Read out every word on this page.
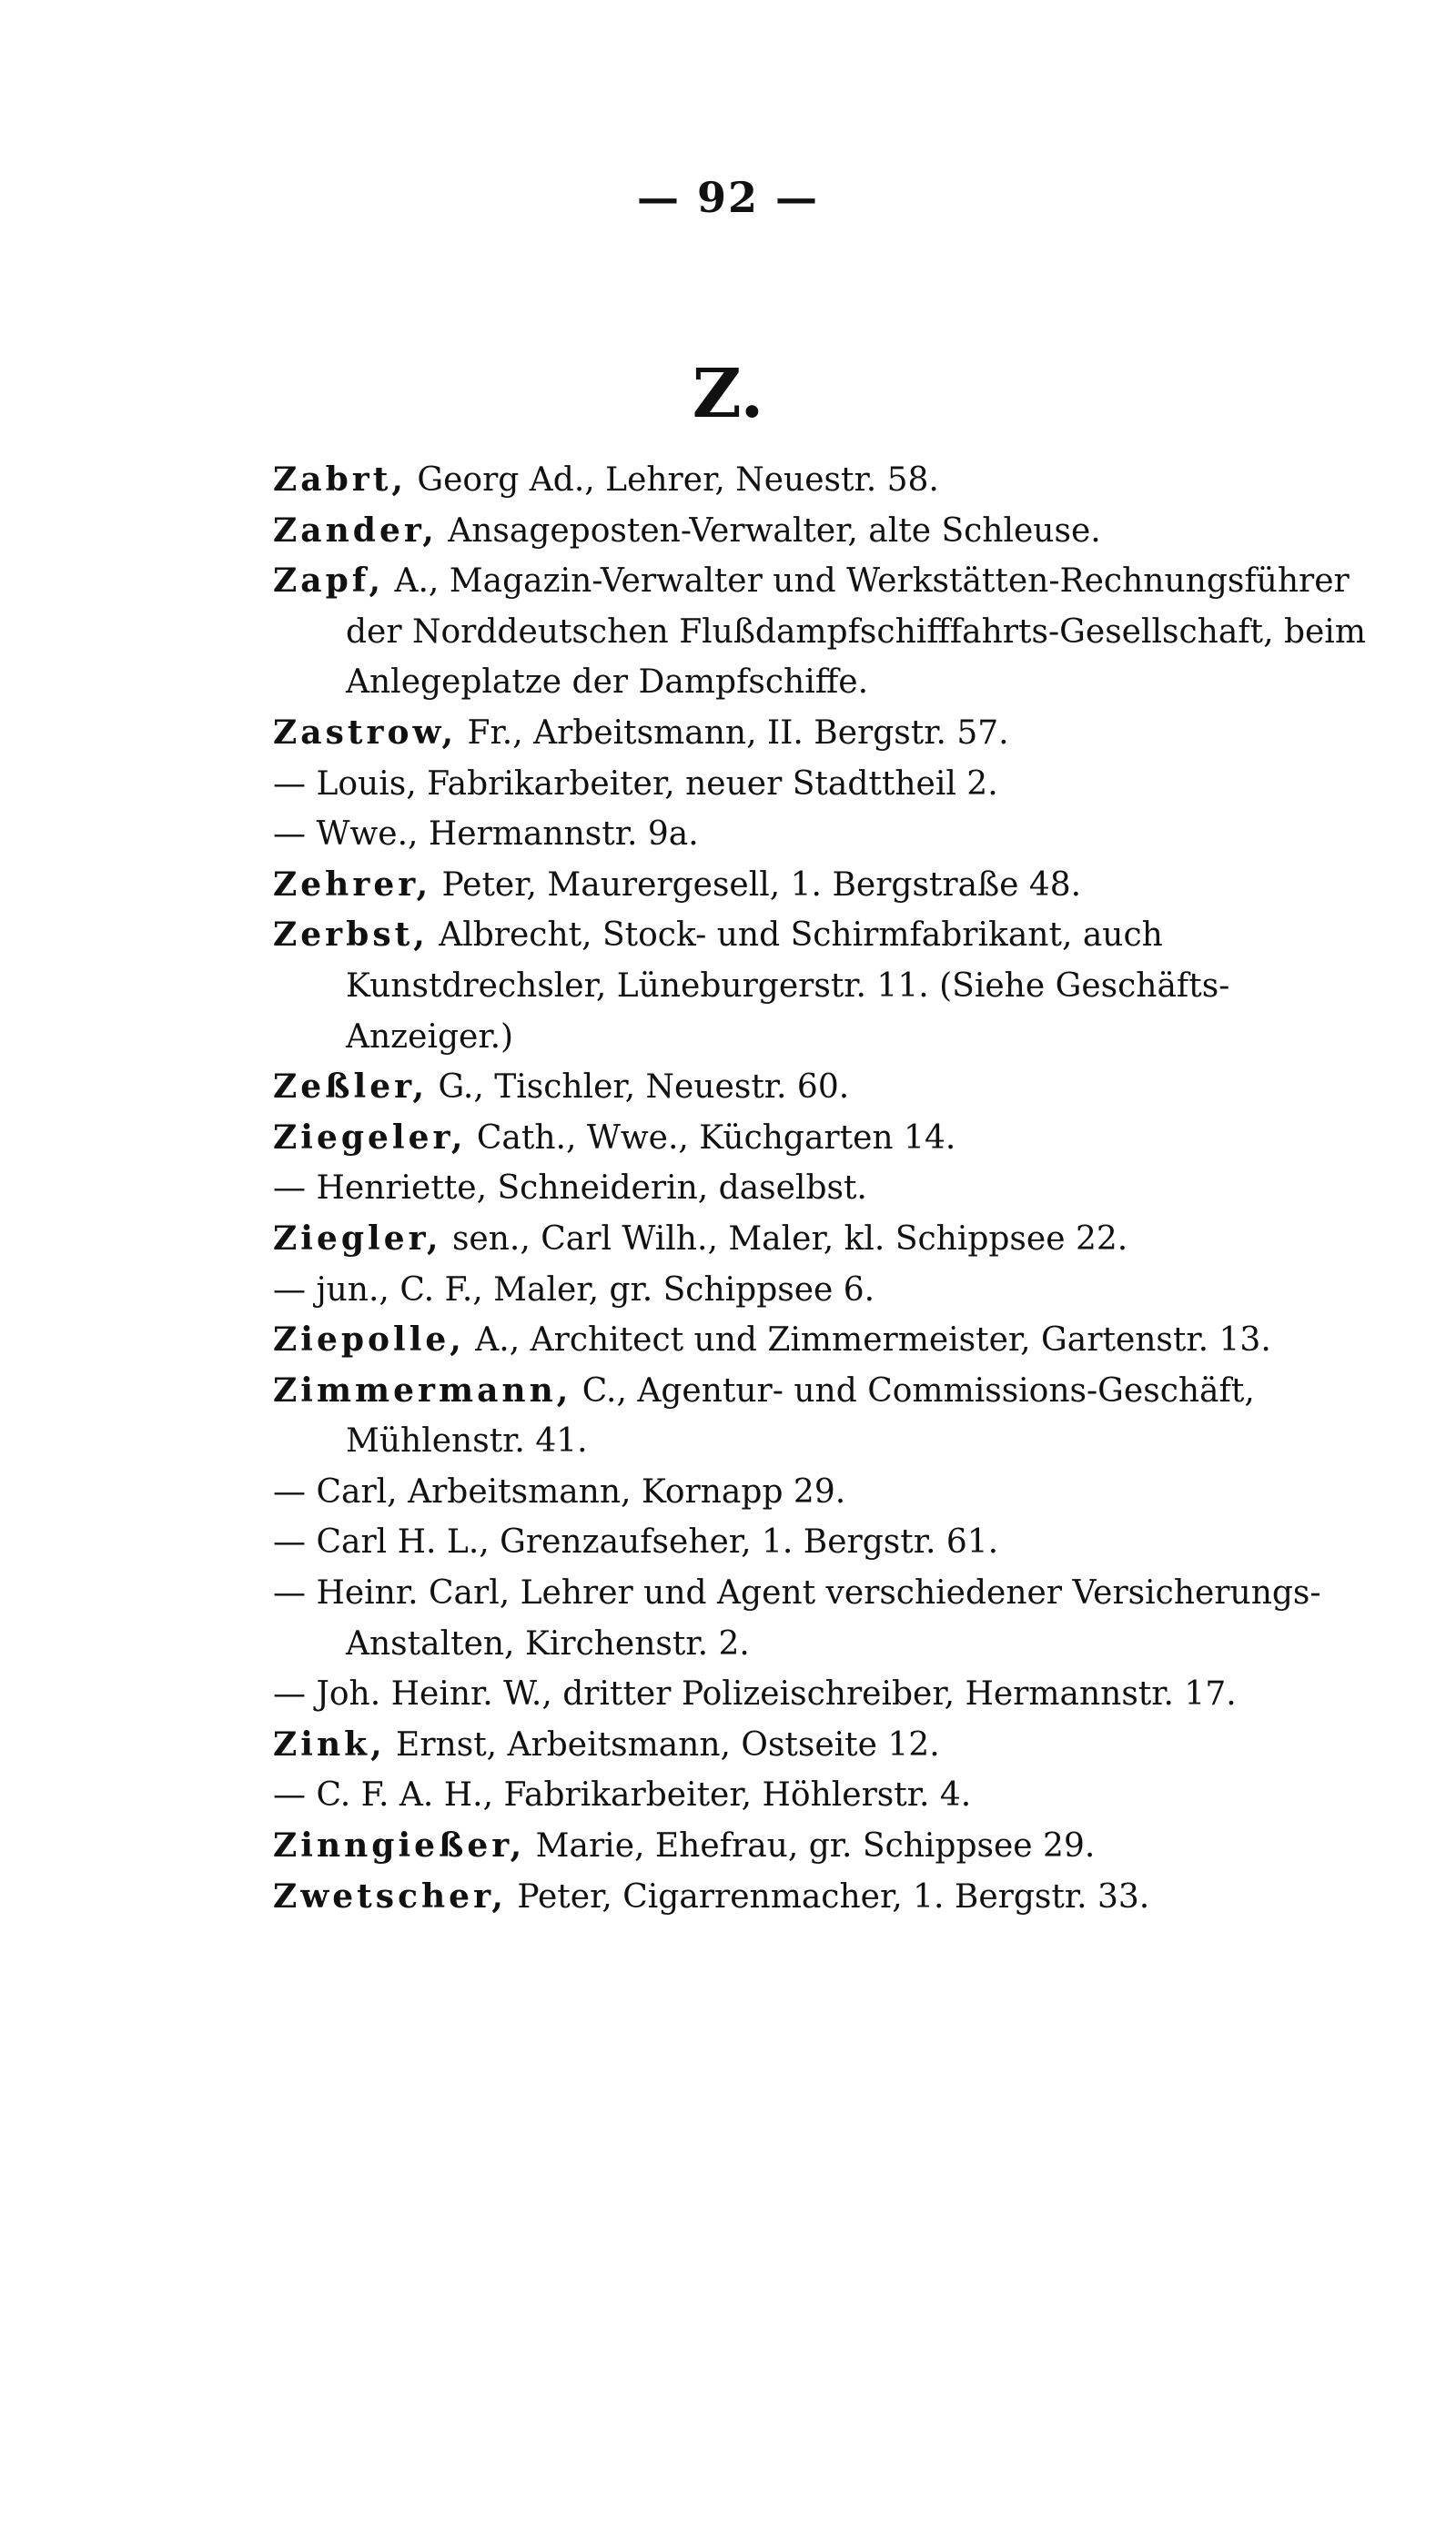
— 92 —
Z.

Zabrt, Georg Ad., Lehrer, Neuestr. 58.

Zander, Ansageposten-Verwalter, alte Schleuse.

Zapf, A., Magazin-Verwalter und Werkstätten-Rechnungsführer der Norddeutschen Flußdampfschifffahrts-Gesellschaft, beim Anlegeplatze der Dampfschiffe.

Zastrow, Fr., Arbeitsmann, II. Bergstr. 57.

— Louis, Fabrikarbeiter, neuer Stadttheil 2.

— Wwe., Hermannstr. 9a.

Zehrer, Peter, Maurergesell, 1. Bergstraße 48.

Zerbst, Albrecht, Stock- und Schirmfabrikant, auch Kunstdrechsler, Lüneburgerstr. 11. (Siehe Geschäfts-Anzeiger.)

Zeßler, G., Tischler, Neuestr. 60.

Ziegeler, Cath., Wwe., Küchgarten 14.

— Henriette, Schneiderin, daselbst.

Ziegler, sen., Carl Wilh., Maler, kl. Schippsee 22.

— jun., C. F., Maler, gr. Schippsee 6.

Ziepolle, A., Architect und Zimmermeister, Gartenstr. 13.

Zimmermann, C., Agentur- und Commissions-Geschäft, Mühlenstr. 41.

— Carl, Arbeitsmann, Kornapp 29.

— Carl H. L., Grenzaufseher, 1. Bergstr. 61.

— Heinr. Carl, Lehrer und Agent verschiedener Versicherungs-Anstalten, Kirchenstr. 2.

— Joh. Heinr. W., dritter Polizeischreiber, Hermannstr. 17.

Zink, Ernst, Arbeitsmann, Ostseite 12.

— C. F. A. H., Fabrikarbeiter, Höhlerstr. 4.

Zinngießer, Marie, Ehefrau, gr. Schippsee 29.

Zwetscher, Peter, Cigarrenmacher, 1. Bergstr. 33.
